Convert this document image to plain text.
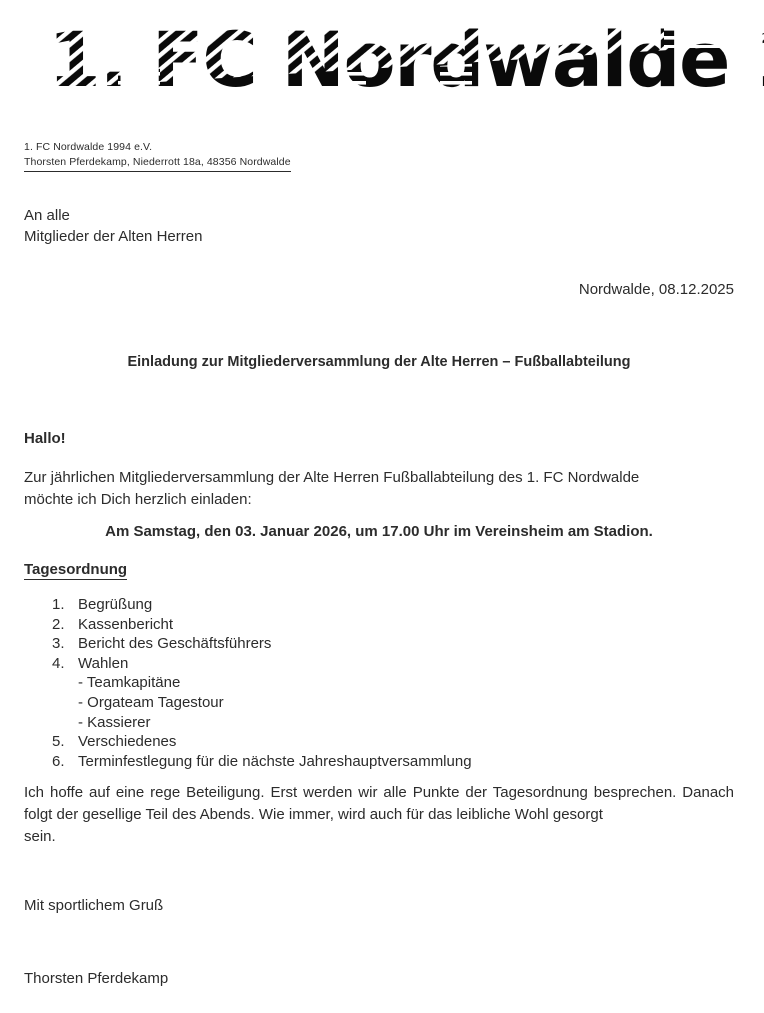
1. FC Nordwalde 1994 e.V.
Thorsten Pferdekamp, Niederrott 18a, 48356 Nordwalde
An alle
Mitglieder der Alten Herren
Nordwalde, 08.12.2025
Einladung zur Mitgliederversammlung der Alte Herren – Fußballabteilung
Hallo!
Zur jährlichen Mitgliederversammlung der Alte Herren Fußballabteilung des 1. FC Nordwalde
möchte ich Dich herzlich einladen:
Am Samstag, den 03. Januar 2026, um 17.00 Uhr im Vereinsheim am Stadion.
Tagesordnung
1. Begrüßung
2. Kassenbericht
3. Bericht des Geschäftsführers
4. Wahlen
- Teamkapitäne
- Orgateam Tagestour
- Kassierer
5. Verschiedenes
6. Terminfestlegung für die nächste Jahreshauptversammlung
Ich hoffe auf eine rege Beteiligung. Erst werden wir alle Punkte der Tagesordnung besprechen. Danach folgt der gesellige Teil des Abends. Wie immer, wird auch für das leibliche Wohl gesorgt
sein.
Mit sportlichem Gruß
Thorsten Pferdekamp
